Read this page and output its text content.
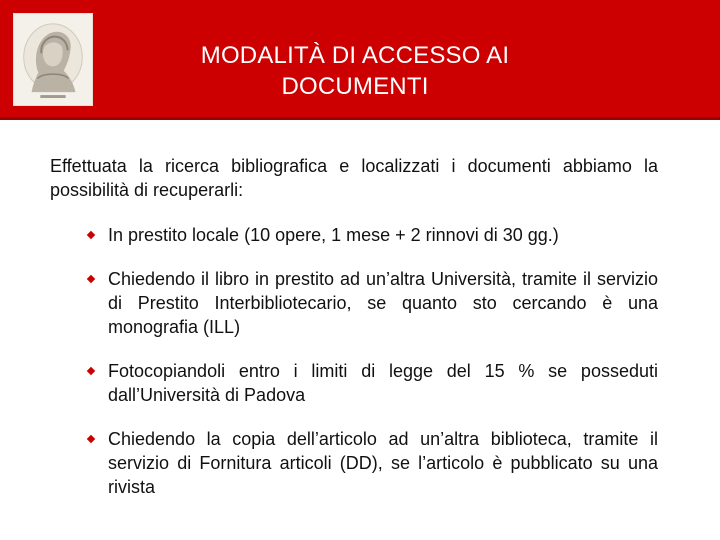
MODALITÀ DI ACCESSO AI
DOCUMENTI

Effettuata la ricerca bibliografica e localizzati i documenti abbiamo la possibilità di recuperarli:

In prestito locale (10 opere, 1 mese + 2 rinnovi di 30 gg.)
Chiedendo il libro in prestito ad un’altra Università, tramite il servizio di Prestito Interbibliotecario, se quanto sto cercando è una monografia (ILL)
Fotocopiandoli entro i limiti di legge del 15 % se posseduti dall’Università di Padova
Chiedendo la copia dell’articolo ad un’altra biblioteca, tramite il servizio di Fornitura articoli (DD), se l’articolo è pubblicato su una rivista
